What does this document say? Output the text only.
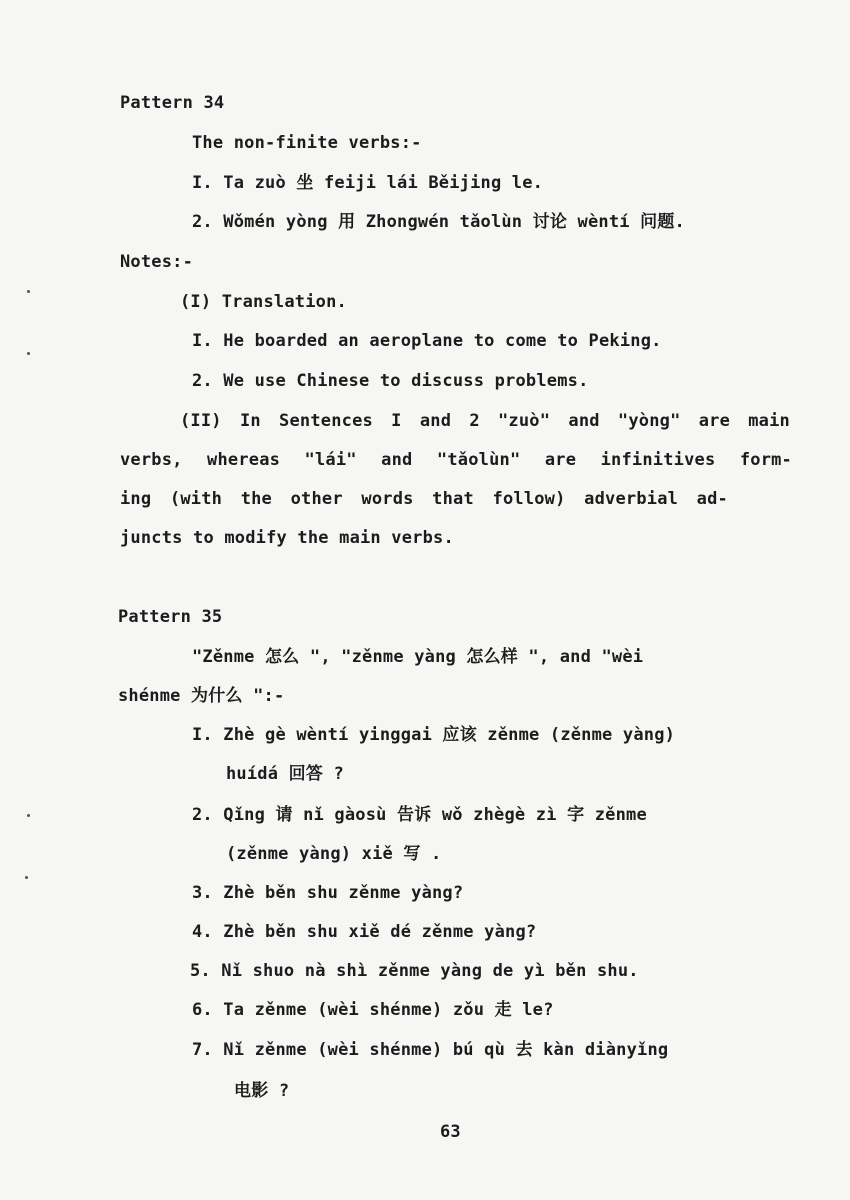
Pattern 34
The non-finite verbs:-
I. Ta zuò 坐 feiji lái Běijing le.
2. Wǒmén yòng 用 Zhongwén tǎolùn 讨论 wèntí 问题.
Notes:-
(I) Translation.
I. He boarded an aeroplane to come to Peking.
2. We use Chinese to discuss problems.
(II) In Sentences I and 2 "zuò" and "yòng" are main
verbs, whereas "lái" and "tǎolùn" are infinitives form-
ing (with the other words that follow) adverbial ad-
juncts to modify the main verbs.
Pattern 35
"Zěnme 怎么 ", "zěnme yàng 怎么样 ", and "wèi
shénme 为什么 ":-
I. Zhè gè wèntí yinggai 应该 zěnme (zěnme yàng)
huídá 回答 ?
2. Qǐng 请 nǐ gàosù 告诉 wǒ zhègè zì 字 zěnme
(zěnme yàng) xiě 写 .
3. Zhè běn shu zěnme yàng?
4. Zhè běn shu xiě dé zěnme yàng?
5. Nǐ shuo nà shì zěnme yàng de yì běn shu.
6. Ta zěnme (wèi shénme) zǒu 走 le?
7. Nǐ zěnme (wèi shénme) bú qù 去 kàn diànyǐng
电影 ?
63
